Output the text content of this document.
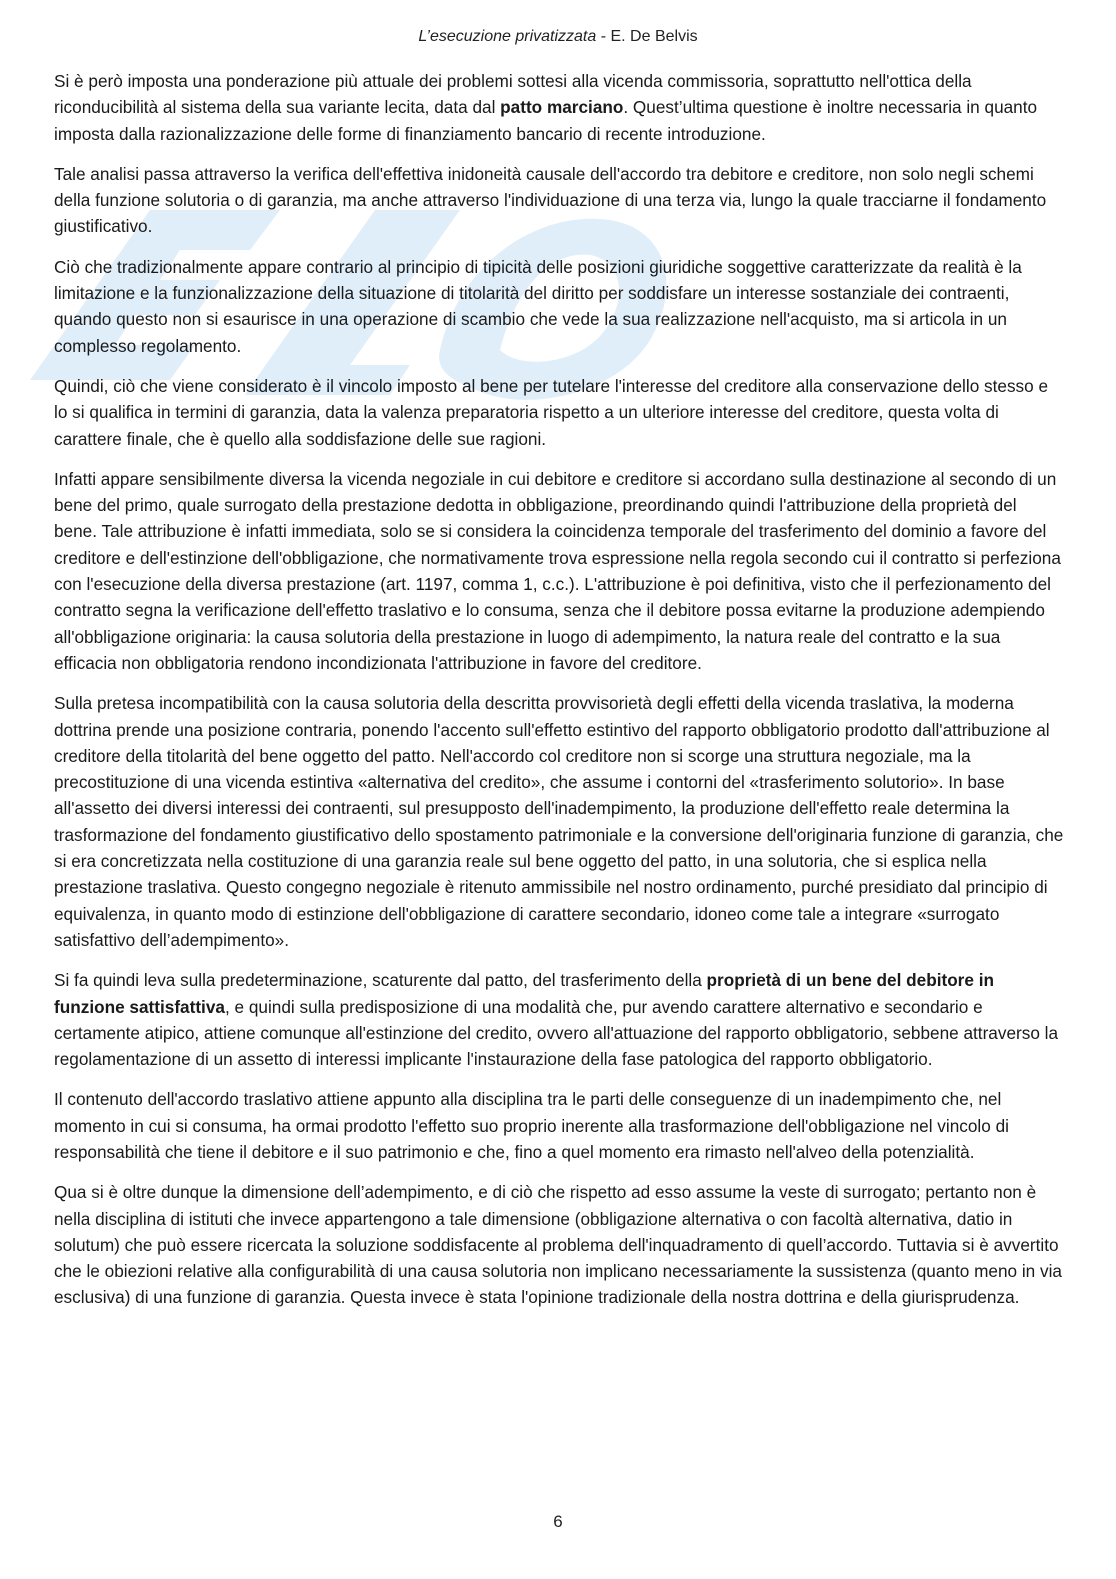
L’esecuzione privatizzata - E. De Belvis

Si è però imposta una ponderazione più attuale dei problemi sottesi alla vicenda commissoria, soprattutto nell'ottica della riconducibilità al sistema della sua variante lecita, data dal patto marciano. Quest’ultima questione è inoltre necessaria in quanto imposta dalla razionalizzazione delle forme di finanziamento bancario di recente introduzione.

Tale analisi passa attraverso la verifica dell'effettiva inidoneità causale dell'accordo tra debitore e creditore, non solo negli schemi della funzione solutoria o di garanzia, ma anche attraverso l'individuazione di una terza via, lungo la quale tracciarne il fondamento giustificativo.

Ciò che tradizionalmente appare contrario al principio di tipicità delle posizioni giuridiche soggettive caratterizzate da realità è la limitazione e la funzionalizzazione della situazione di titolarità del diritto per soddisfare un interesse sostanziale dei contraenti, quando questo non si esaurisce in una operazione di scambio che vede la sua realizzazione nell'acquisto, ma si articola in un complesso regolamento.

Quindi, ciò che viene considerato è il vincolo imposto al bene per tutelare l'interesse del creditore alla conservazione dello stesso e lo si qualifica in termini di garanzia, data la valenza preparatoria rispetto a un ulteriore interesse del creditore, questa volta di carattere finale, che è quello alla soddisfazione delle sue ragioni.

Infatti appare sensibilmente diversa la vicenda negoziale in cui debitore e creditore si accordano sulla destinazione al secondo di un bene del primo, quale surrogato della prestazione dedotta in obbligazione, preordinando quindi l'attribuzione della proprietà del bene. Tale attribuzione è infatti immediata, solo se si considera la coincidenza temporale del trasferimento del dominio a favore del creditore e dell'estinzione dell'obbligazione, che normativamente trova espressione nella regola secondo cui il contratto si perfeziona con l'esecuzione della diversa prestazione (art. 1197, comma 1, c.c.). L'attribuzione è poi definitiva, visto che il perfezionamento del contratto segna la verificazione dell'effetto traslativo e lo consuma, senza che il debitore possa evitarne la produzione adempiendo all'obbligazione originaria: la causa solutoria della prestazione in luogo di adempimento, la natura reale del contratto e la sua efficacia non obbligatoria rendono incondizionata l'attribuzione in favore del creditore.

Sulla pretesa incompatibilità con la causa solutoria della descritta provvisorietà degli effetti della vicenda traslativa, la moderna dottrina prende una posizione contraria, ponendo l'accento sull'effetto estintivo del rapporto obbligatorio prodotto dall'attribuzione al creditore della titolarità del bene oggetto del patto. Nell'accordo col creditore non si scorge una struttura negoziale, ma la precostituzione di una vicenda estintiva «alternativa del credito», che assume i contorni del «trasferimento solutorio». In base all'assetto dei diversi interessi dei contraenti, sul presupposto dell'inadempimento, la produzione dell'effetto reale determina la trasformazione del fondamento giustificativo dello spostamento patrimoniale e la conversione dell'originaria funzione di garanzia, che si era concretizzata nella costituzione di una garanzia reale sul bene oggetto del patto, in una solutoria, che si esplica nella prestazione traslativa. Questo congegno negoziale è ritenuto ammissibile nel nostro ordinamento, purché presidiato dal principio di equivalenza, in quanto modo di estinzione dell'obbligazione di carattere secondario, idoneo come tale a integrare «surrogato satisfattivo dell’adempimento».

Si fa quindi leva sulla predeterminazione, scaturente dal patto, del trasferimento della proprietà di un bene del debitore in funzione sattisfattiva, e quindi sulla predisposizione di una modalità che, pur avendo carattere alternativo e secondario e certamente atipico, attiene comunque all'estinzione del credito, ovvero all'attuazione del rapporto obbligatorio, sebbene attraverso la regolamentazione di un assetto di interessi implicante l'instaurazione della fase patologica del rapporto obbligatorio.

Il contenuto dell'accordo traslativo attiene appunto alla disciplina tra le parti delle conseguenze di un inadempimento che, nel momento in cui si consuma, ha ormai prodotto l'effetto suo proprio inerente alla trasformazione dell'obbligazione nel vincolo di responsabilità che tiene il debitore e il suo patrimonio e che, fino a quel momento era rimasto nell'alveo della potenzialità.

Qua si è oltre dunque la dimensione dell’adempimento, e di ciò che rispetto ad esso assume la veste di surrogato; pertanto non è nella disciplina di istituti che invece appartengono a tale dimensione (obbligazione alternativa o con facoltà alternativa, datio in solutum) che può essere ricercata la soluzione soddisfacente al problema dell'inquadramento di quell’accordo. Tuttavia si è avvertito che le obiezioni relative alla configurabilità di una causa solutoria non implicano necessariamente la sussistenza (quanto meno in via esclusiva) di una funzione di garanzia. Questa invece è stata l'opinione tradizionale della nostra dottrina e della giurisprudenza.

6
